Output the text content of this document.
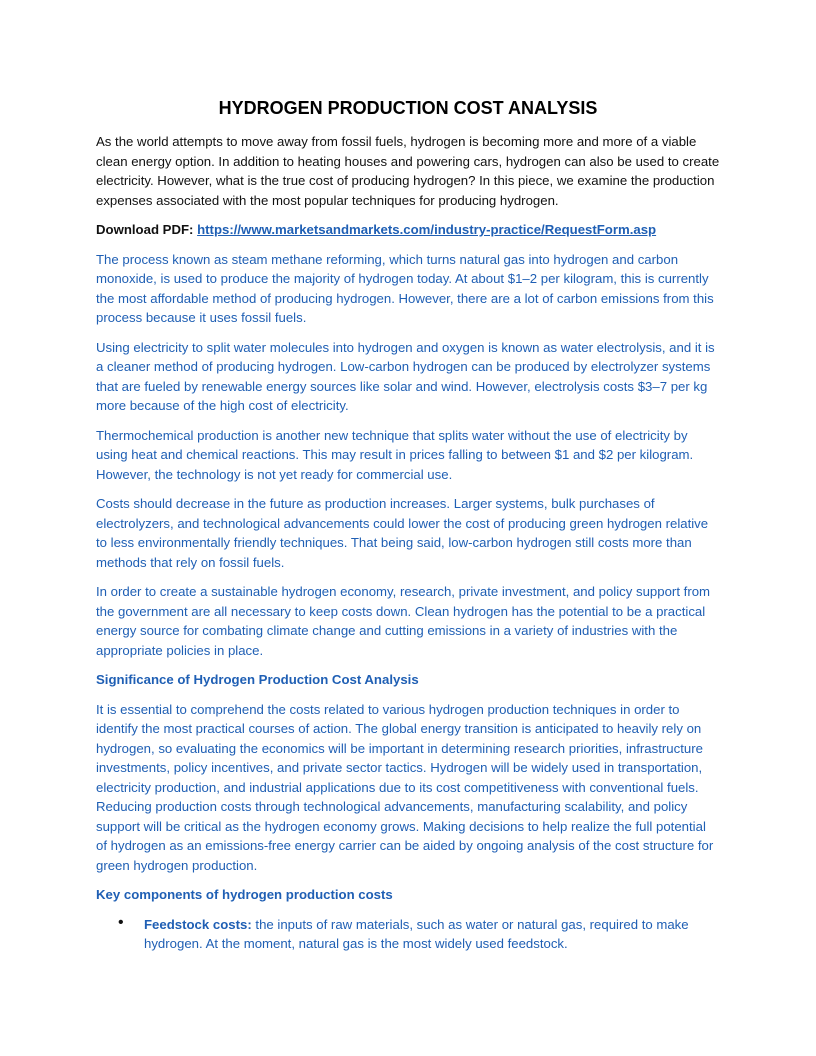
HYDROGEN PRODUCTION COST ANALYSIS

As the world attempts to move away from fossil fuels, hydrogen is becoming more and more of a viable clean energy option. In addition to heating houses and powering cars, hydrogen can also be used to create electricity. However, what is the true cost of producing hydrogen? In this piece, we examine the production expenses associated with the most popular techniques for producing hydrogen.

Download PDF: https://www.marketsandmarkets.com/industry-practice/RequestForm.asp

The process known as steam methane reforming, which turns natural gas into hydrogen and carbon monoxide, is used to produce the majority of hydrogen today. At about $1–2 per kilogram, this is currently the most affordable method of producing hydrogen. However, there are a lot of carbon emissions from this process because it uses fossil fuels.

Using electricity to split water molecules into hydrogen and oxygen is known as water electrolysis, and it is a cleaner method of producing hydrogen. Low-carbon hydrogen can be produced by electrolyzer systems that are fueled by renewable energy sources like solar and wind. However, electrolysis costs $3–7 per kg more because of the high cost of electricity.

Thermochemical production is another new technique that splits water without the use of electricity by using heat and chemical reactions. This may result in prices falling to between $1 and $2 per kilogram. However, the technology is not yet ready for commercial use.

Costs should decrease in the future as production increases. Larger systems, bulk purchases of electrolyzers, and technological advancements could lower the cost of producing green hydrogen relative to less environmentally friendly techniques. That being said, low-carbon hydrogen still costs more than methods that rely on fossil fuels.

In order to create a sustainable hydrogen economy, research, private investment, and policy support from the government are all necessary to keep costs down. Clean hydrogen has the potential to be a practical energy source for combating climate change and cutting emissions in a variety of industries with the appropriate policies in place.

Significance of Hydrogen Production Cost Analysis

It is essential to comprehend the costs related to various hydrogen production techniques in order to identify the most practical courses of action. The global energy transition is anticipated to heavily rely on hydrogen, so evaluating the economics will be important in determining research priorities, infrastructure investments, policy incentives, and private sector tactics. Hydrogen will be widely used in transportation, electricity production, and industrial applications due to its cost competitiveness with conventional fuels. Reducing production costs through technological advancements, manufacturing scalability, and policy support will be critical as the hydrogen economy grows. Making decisions to help realize the full potential of hydrogen as an emissions-free energy carrier can be aided by ongoing analysis of the cost structure for green hydrogen production.

Key components of hydrogen production costs

• Feedstock costs: the inputs of raw materials, such as water or natural gas, required to make hydrogen. At the moment, natural gas is the most widely used feedstock.
